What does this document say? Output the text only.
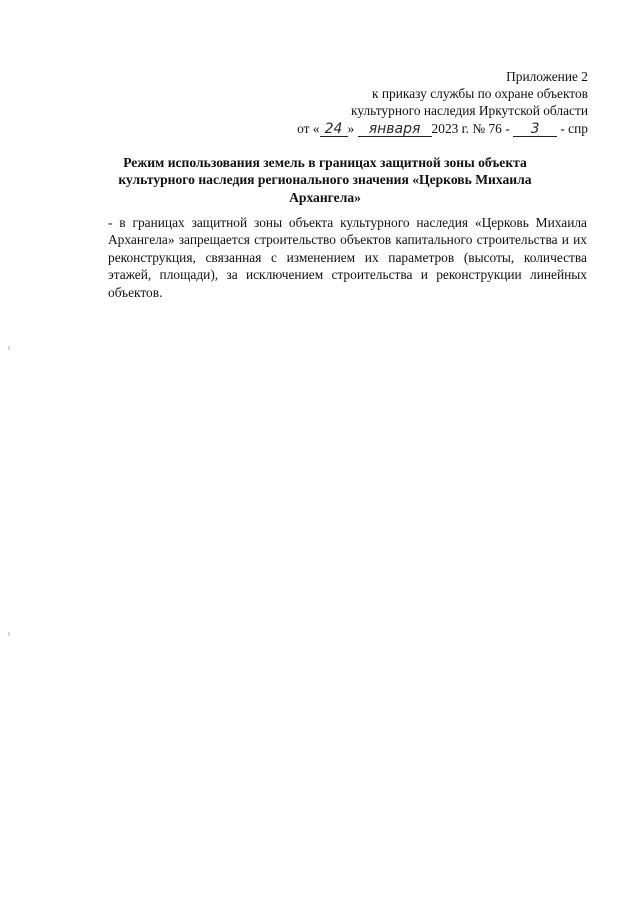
Приложение 2
к приказу службы по охране объектов
культурного наследия Иркутской области
от « 24 » января 2023 г. № 76 - 3 - спр
Режим использования земель в границах защитной зоны объекта культурного наследия регионального значения «Церковь Михаила Архангела»
- в границах защитной зоны объекта культурного наследия «Церковь Михаила Архангела» запрещается строительство объектов капитального строительства и их реконструкция, связанная с изменением их параметров (высоты, количества этажей, площади), за исключением строительства и реконструкции линейных объектов.
